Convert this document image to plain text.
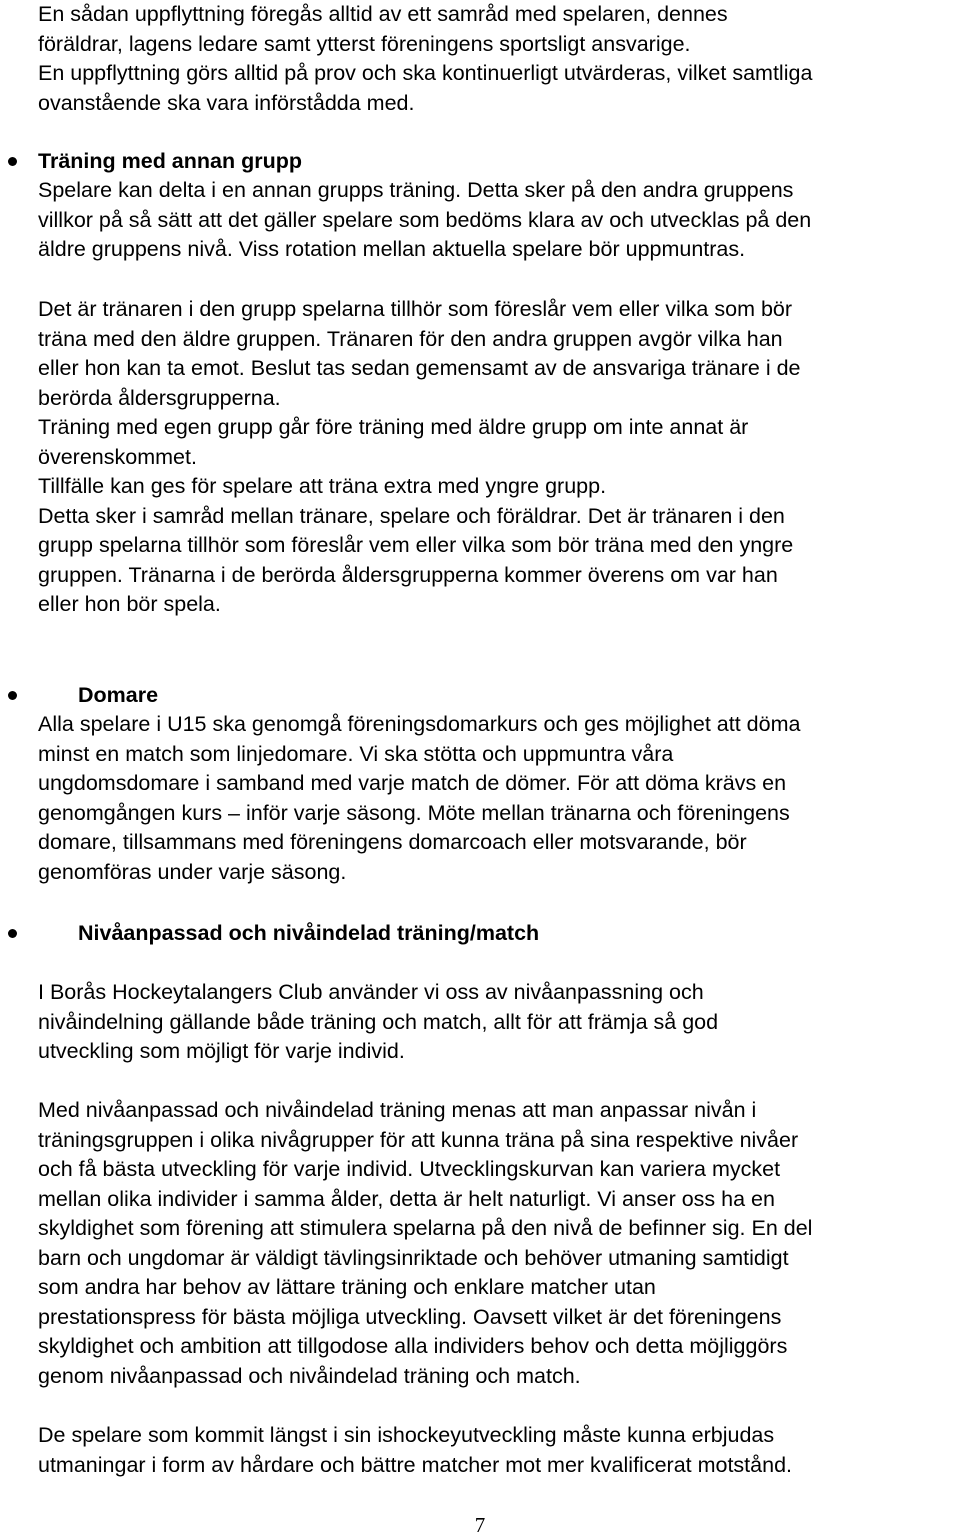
En sådan uppflyttning föregås alltid av ett samråd med spelaren, dennes
föräldrar, lagens ledare samt ytterst föreningens sportsligt ansvarige.
En uppflyttning görs alltid på prov och ska kontinuerligt utvärderas, vilket samtliga
ovanstående ska vara införstådda med.
Träning med annan grupp
Spelare kan delta i en annan grupps träning. Detta sker på den andra gruppens
villkor på så sätt att det gäller spelare som bedöms klara av och utvecklas på den
äldre gruppens nivå. Viss rotation mellan aktuella spelare bör uppmuntras.
Det är tränaren i den grupp spelarna tillhör som föreslår vem eller vilka som bör
träna med den äldre gruppen. Tränaren för den andra gruppen avgör vilka han
eller hon kan ta emot. Beslut tas sedan gemensamt av de ansvariga tränare i de
berörda åldersgrupperna.
Träning med egen grupp går före träning med äldre grupp om inte annat är
överenskommet.
Tillfälle kan ges för spelare att träna extra med yngre grupp.
Detta sker i samråd mellan tränare, spelare och föräldrar. Det är tränaren i den
grupp spelarna tillhör som föreslår vem eller vilka som bör träna med den yngre
gruppen. Tränarna i de berörda åldersgrupperna kommer överens om var han
eller hon bör spela.
Domare
Alla spelare i U15 ska genomgå föreningsdomarkurs och ges möjlighet att döma
minst en match som linjedomare. Vi ska stötta och uppmuntra våra
ungdomsdomare i samband med varje match de dömer. För att döma krävs en
genomgången kurs – inför varje säsong. Möte mellan tränarna och föreningens
domare, tillsammans med föreningens domarcoach eller motsvarande, bör
genomföras under varje säsong.
Nivåanpassad och nivåindelad träning/match
I Borås Hockeytalangers Club använder vi oss av nivåanpassning och
nivåindelning gällande både träning och match, allt för att främja så god
utveckling som möjligt för varje individ.
Med nivåanpassad och nivåindelad träning menas att man anpassar nivån i
träningsgruppen i olika nivågrupper för att kunna träna på sina respektive nivåer
och få bästa utveckling för varje individ. Utvecklingskurvan kan variera mycket
mellan olika individer i samma ålder, detta är helt naturligt. Vi anser oss ha en
skyldighet som förening att stimulera spelarna på den nivå de befinner sig. En del
barn och ungdomar är väldigt tävlingsinriktade och behöver utmaning samtidigt
som andra har behov av lättare träning och enklare matcher utan
prestationspress för bästa möjliga utveckling. Oavsett vilket är det föreningens
skyldighet och ambition att tillgodose alla individers behov och detta möjliggörs
genom nivåanpassad och nivåindelad träning och match.
De spelare som kommit längst i sin ishockeyutveckling måste kunna erbjudas
utmaningar i form av hårdare och bättre matcher mot mer kvalificerat motstånd.
7
